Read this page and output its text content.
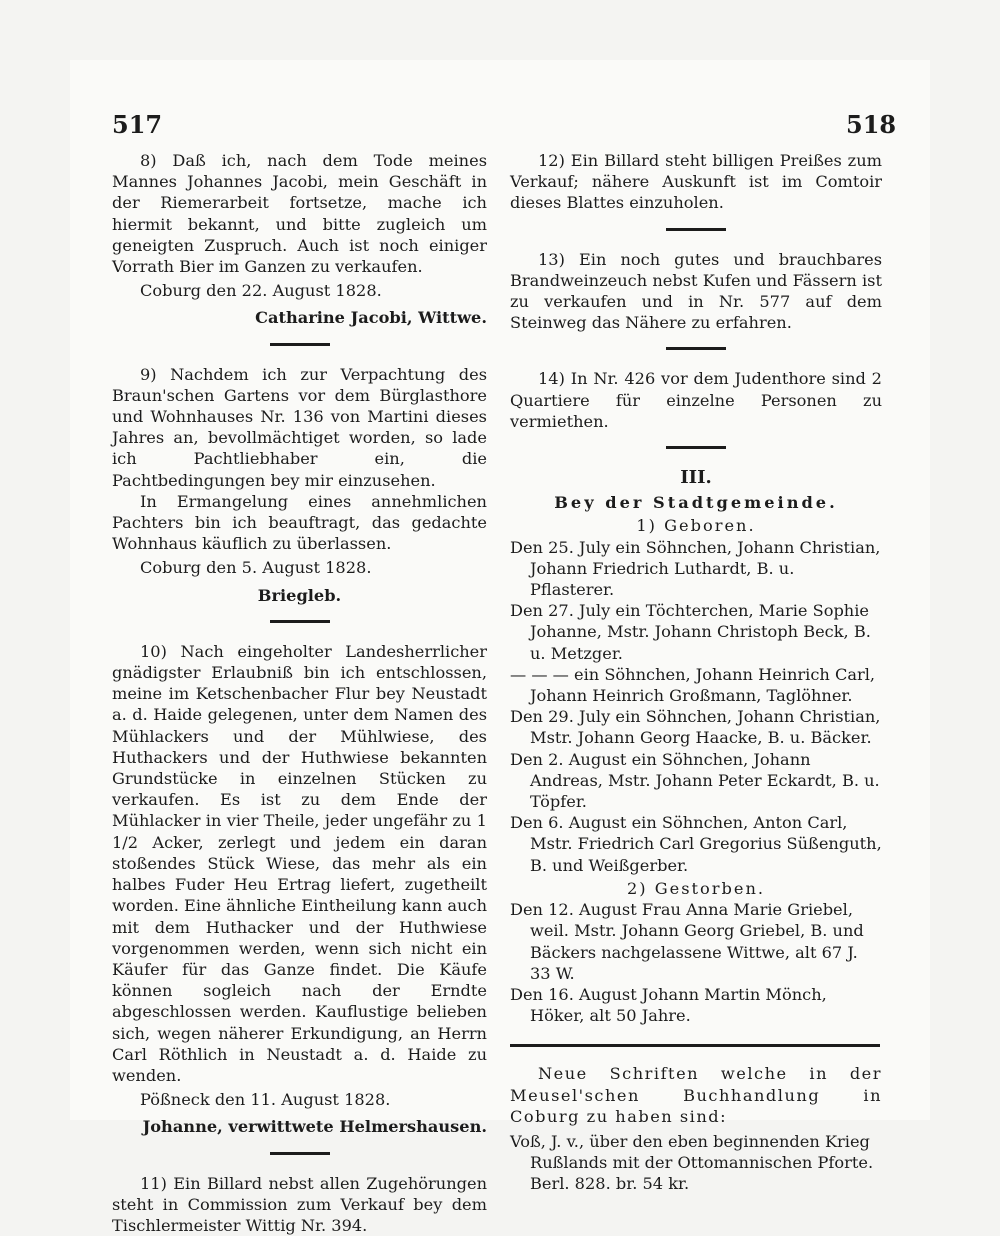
517	518

8) Daß ich, nach dem Tode meines Mannes Johannes Jacobi, mein Geschäft in der Riemerarbeit fortsetze, mache ich hiermit bekannt, und bitte zugleich um geneigten Zuspruch. Auch ist noch einiger Vorrath Bier im Ganzen zu verkaufen.

Coburg den 22. August 1828.

Catharine Jacobi, Wittwe.

9) Nachdem ich zur Verpachtung des Braun'schen Gartens vor dem Bürglasthore und Wohnhauses Nr. 136 von Martini dieses Jahres an, bevollmächtiget worden, so lade ich Pachtliebhaber ein, die Pachtbedingungen bey mir einzusehen.

In Ermangelung eines annehmlichen Pachters bin ich beauftragt, das gedachte Wohnhaus käuflich zu überlassen.

Coburg den 5. August 1828.

Briegleb.

10) Nach eingeholter Landesherrlicher gnädigster Erlaubniß bin ich entschlossen, meine im Ketschenbacher Flur bey Neustadt a. d. Haide gelegenen, unter dem Namen des Mühlackers und der Mühlwiese, des Huthackers und der Huthwiese bekannten Grundstücke in einzelnen Stücken zu verkaufen. Es ist zu dem Ende der Mühlacker in vier Theile, jeder ungefähr zu 1 1/2 Acker, zerlegt und jedem ein daran stoßendes Stück Wiese, das mehr als ein halbes Fuder Heu Ertrag liefert, zugetheilt worden. Eine ähnliche Eintheilung kann auch mit dem Huthacker und der Huthwiese vorgenommen werden, wenn sich nicht ein Käufer für das Ganze findet. Die Käufe können sogleich nach der Erndte abgeschlossen werden. Kauflustige belieben sich, wegen näherer Erkundigung, an Herrn Carl Röthlich in Neustadt a. d. Haide zu wenden.

Pößneck den 11. August 1828.

Johanne, verwittwete Helmershausen.

11) Ein Billard nebst allen Zugehörungen steht in Commission zum Verkauf bey dem Tischlermeister Wittig Nr. 394.

12) Ein Billard steht billigen Preißes zum Verkauf; nähere Auskunft ist im Comtoir dieses Blattes einzuholen.

13) Ein noch gutes und brauchbares Brandweinzeuch nebst Kufen und Fässern ist zu verkaufen und in Nr. 577 auf dem Steinweg das Nähere zu erfahren.

14) In Nr. 426 vor dem Judenthore sind 2 Quartiere für einzelne Personen zu vermiethen.

III.

Bey der Stadtgemeinde.

1) Geboren.

Den 25. July ein Söhnchen, Johann Christian, Johann Friedrich Luthardt, B. u. Pflasterer.

Den 27. July ein Töchterchen, Marie Sophie Johanne, Mstr. Johann Christoph Beck, B. u. Metzger.

— — — ein Söhnchen, Johann Heinrich Carl, Johann Heinrich Großmann, Taglöhner.

Den 29. July ein Söhnchen, Johann Christian, Mstr. Johann Georg Haacke, B. u. Bäcker.

Den 2. August ein Söhnchen, Johann Andreas, Mstr. Johann Peter Eckardt, B. u. Töpfer.

Den 6. August ein Söhnchen, Anton Carl, Mstr. Friedrich Carl Gregorius Süßenguth, B. und Weißgerber.

2) Gestorben.

Den 12. August Frau Anna Marie Griebel, weil. Mstr. Johann Georg Griebel, B. und Bäckers nachgelassene Wittwe, alt 67 J. 33 W.

Den 16. August Johann Martin Mönch, Höker, alt 50 Jahre.

Neue Schriften welche in der Meusel'schen Buchhandlung in Coburg zu haben sind:

Voß, J. v., über den eben beginnenden Krieg Rußlands mit der Ottomannischen Pforte. Berl. 828. br. 54 kr.
